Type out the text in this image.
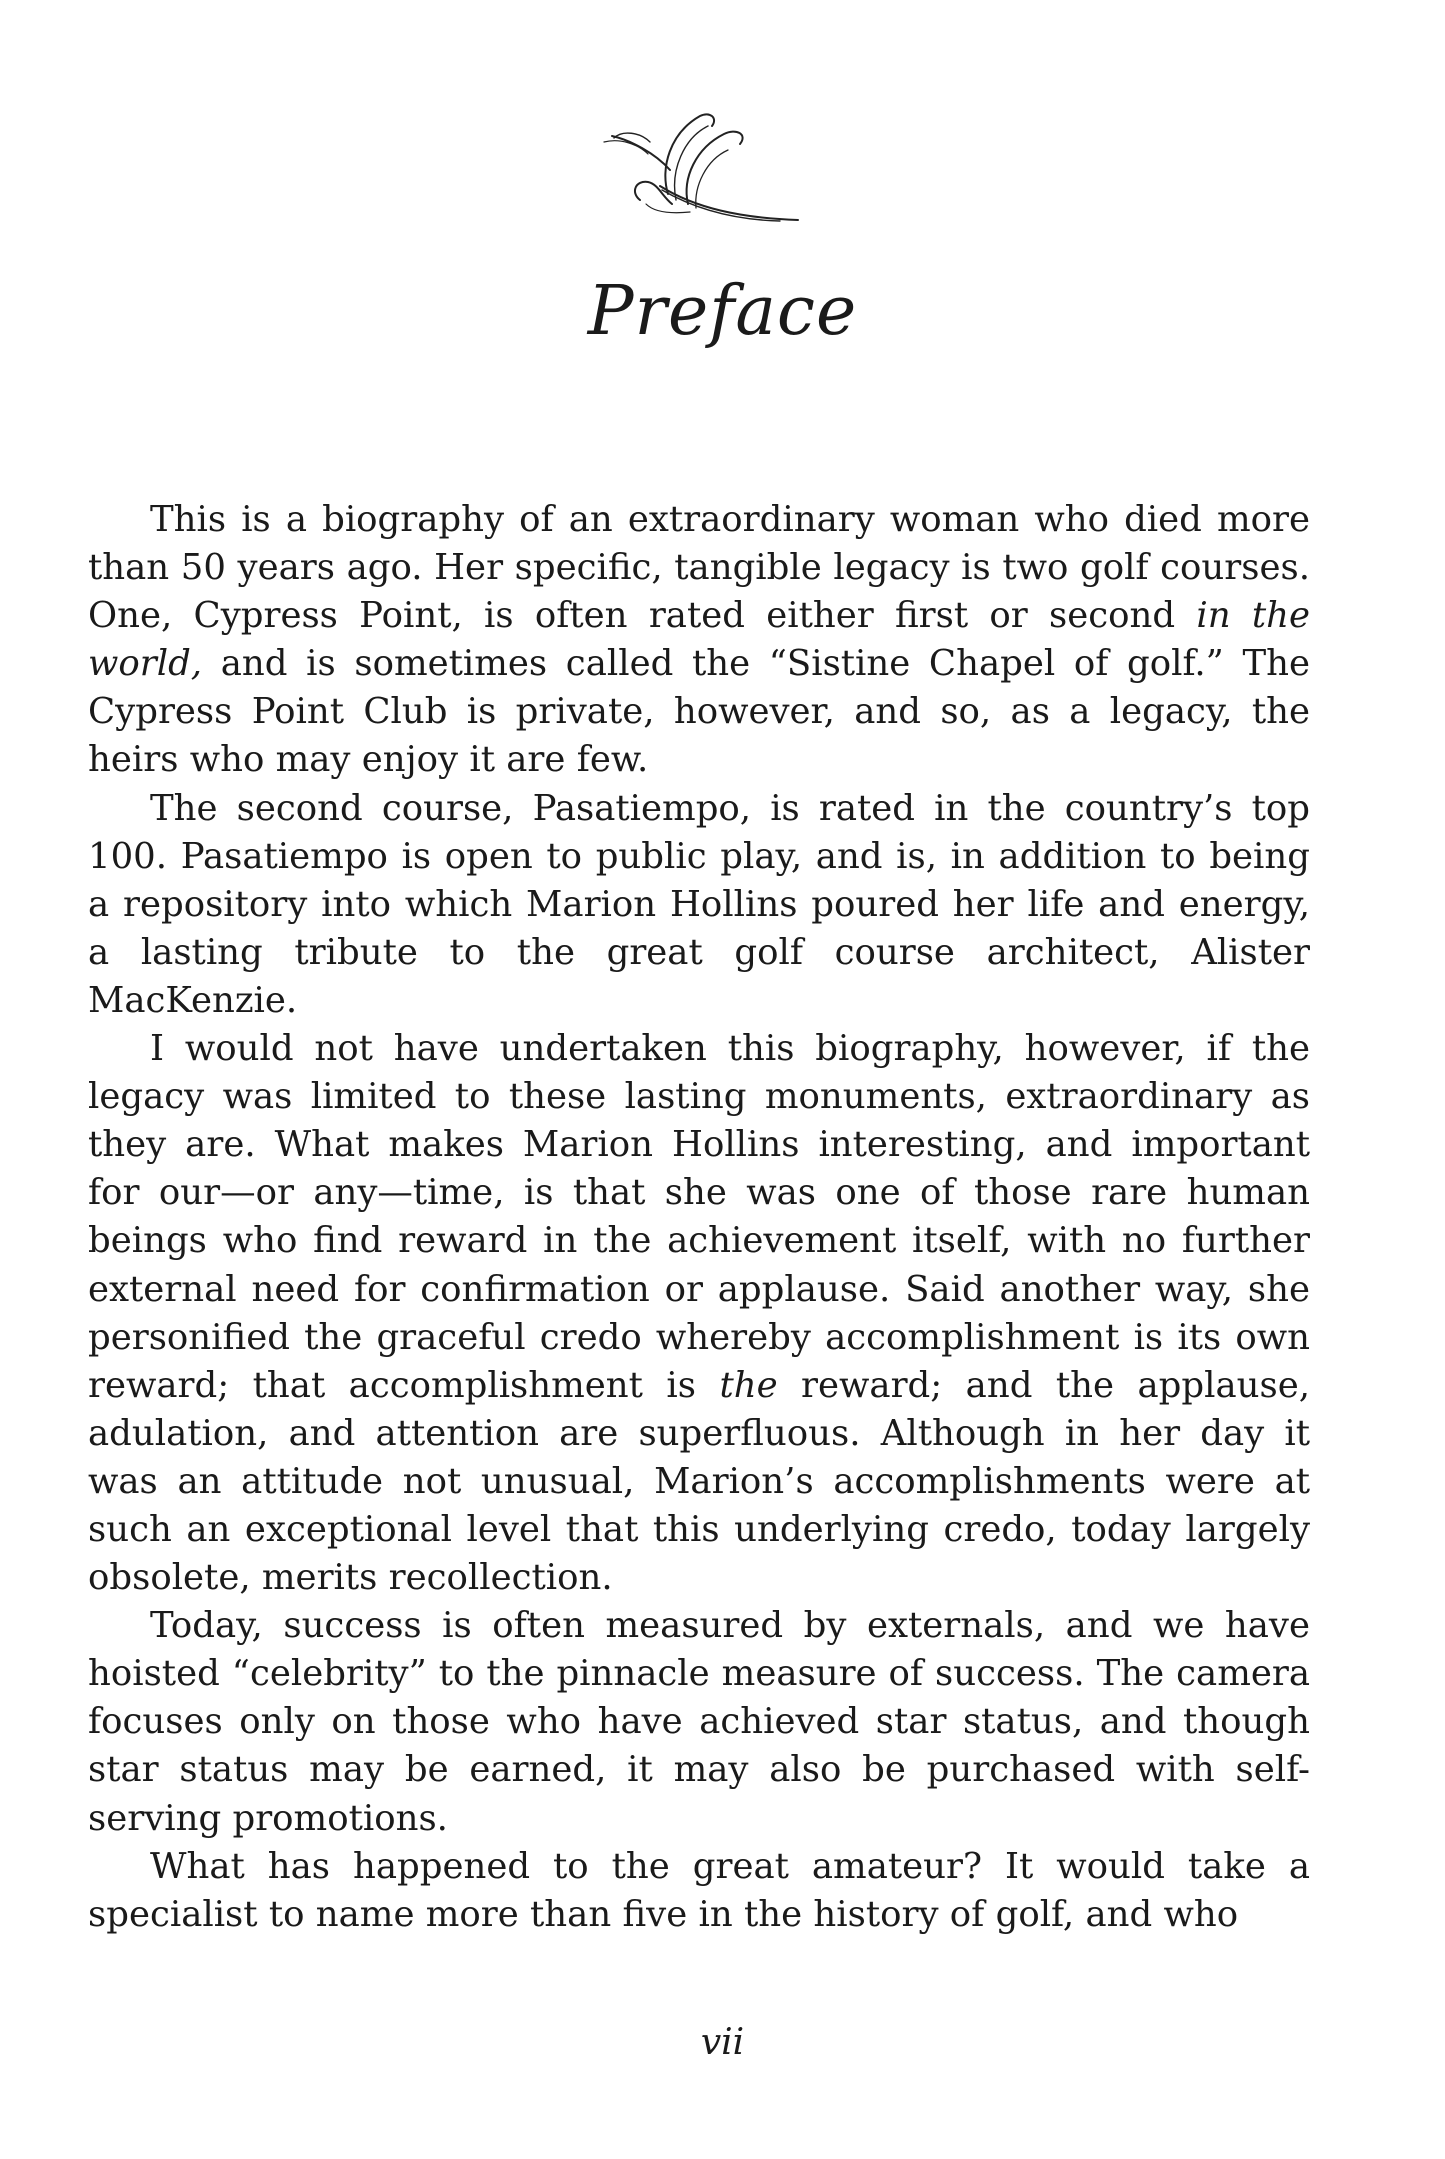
Preface

This is a biography of an extraordinary woman who died more than 50 years ago. Her specific, tangible legacy is two golf courses. One, Cypress Point, is often rated either first or second in the world, and is sometimes called the “Sistine Chapel of golf.” The Cypress Point Club is private, however, and so, as a legacy, the heirs who may enjoy it are few.

The second course, Pasatiempo, is rated in the country’s top 100. Pasatiempo is open to public play, and is, in addition to being a repository into which Marion Hollins poured her life and energy, a lasting tribute to the great golf course architect, Alister MacKenzie.

I would not have undertaken this biography, however, if the legacy was limited to these lasting monuments, extraordinary as they are. What makes Marion Hollins interesting, and important for our—or any—time, is that she was one of those rare human beings who find reward in the achievement itself, with no further external need for confirmation or applause. Said another way, she personified the graceful credo whereby accomplishment is its own reward; that accomplishment is the reward; and the applause, adulation, and attention are superfluous. Although in her day it was an attitude not unusual, Marion’s accomplishments were at such an exceptional level that this underlying credo, today largely obsolete, merits recollection.

Today, success is often measured by externals, and we have hoisted “celebrity” to the pinnacle measure of success. The camera focuses only on those who have achieved star status, and though star status may be earned, it may also be purchased with self-serving promotions.

What has happened to the great amateur? It would take a specialist to name more than five in the history of golf, and who

vii
